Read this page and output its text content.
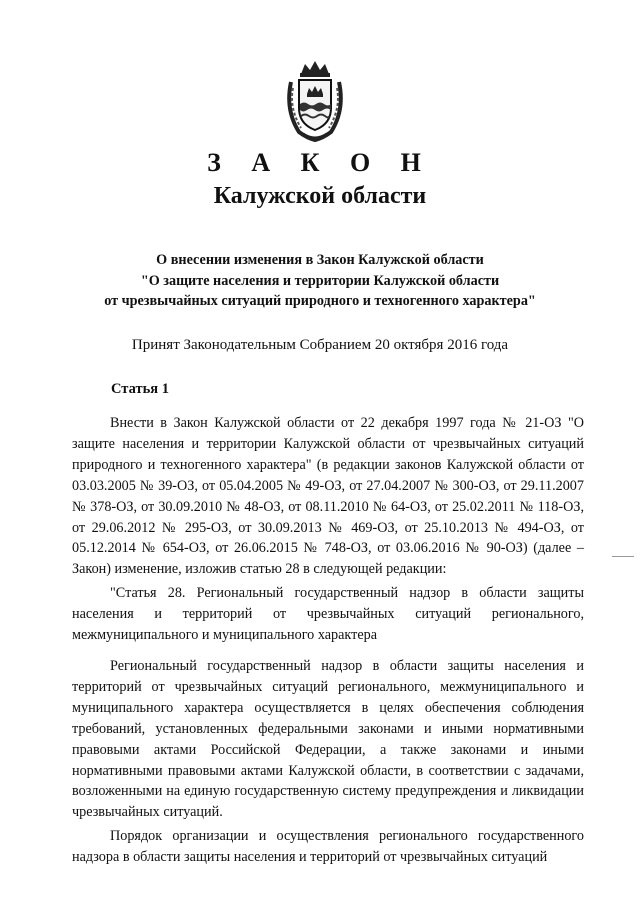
З А К О Н
Калужской области
О внесении изменения в Закон Калужской области
"О защите населения и территории Калужской области
от чрезвычайных ситуаций природного и техногенного характера"
Принят Законодательным Собранием 20 октября 2016 года
Статья 1

Внести в Закон Калужской области от 22 декабря 1997 года № 21-ОЗ "О защите населения и территории Калужской области от чрезвычайных ситуаций природного и техногенного характера" (в редакции законов Калужской области от 03.03.2005 № 39-ОЗ, от 05.04.2005 № 49-ОЗ, от 27.04.2007 № 300-ОЗ, от 29.11.2007 № 378-ОЗ, от 30.09.2010 № 48-ОЗ, от 08.11.2010 № 64-ОЗ, от 25.02.2011 № 118-ОЗ, от 29.06.2012 № 295-ОЗ, от 30.09.2013 № 469-ОЗ, от 25.10.2013 № 494-ОЗ, от 05.12.2014 № 654-ОЗ, от 26.06.2015 № 748-ОЗ, от 03.06.2016 № 90-ОЗ) (далее – Закон) изменение, изложив статью 28 в следующей редакции:

"Статья 28. Региональный государственный надзор в области защиты населения и территорий от чрезвычайных ситуаций регионального, межмуниципального и муниципального характера

Региональный государственный надзор в области защиты населения и территорий от чрезвычайных ситуаций регионального, межмуниципального и муниципального характера осуществляется в целях обеспечения соблюдения требований, установленных федеральными законами и иными нормативными правовыми актами Российской Федерации, а также законами и иными нормативными правовыми актами Калужской области, в соответствии с задачами, возложенными на единую государственную систему предупреждения и ликвидации чрезвычайных ситуаций.

Порядок организации и осуществления регионального государственного надзора в области защиты населения и территорий от чрезвычайных ситуаций
